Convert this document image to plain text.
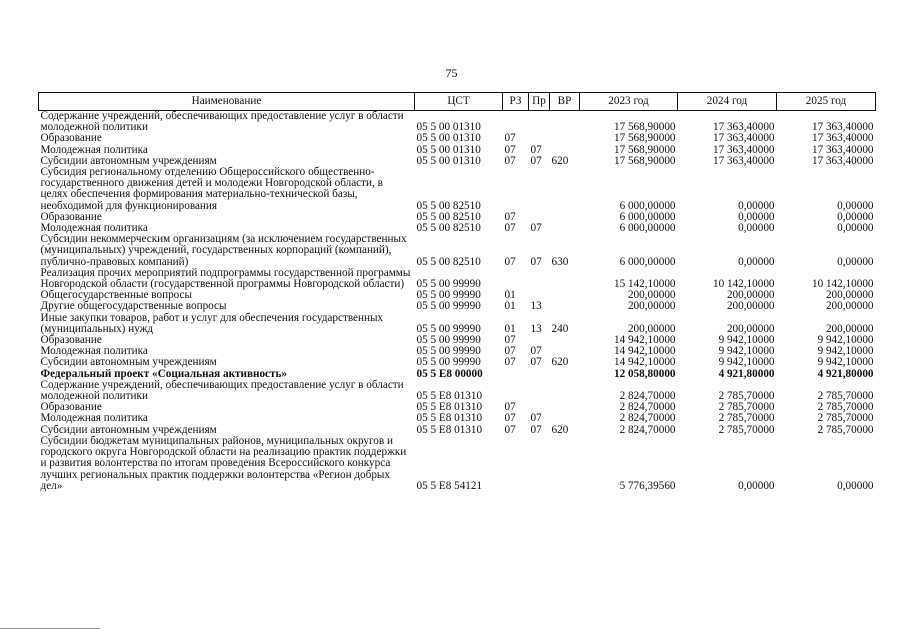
75
Наименование	ЦСТ	РЗ	Пр	ВР	2023 год	2024 год	2025 год
Содержание учреждений, обеспечивающих предоставление услуг в области молодежной политики	05 5 00 01310				17 568,90000	17 363,40000	17 363,40000
Образование	05 5 00 01310	07			17 568,90000	17 363,40000	17 363,40000
Молодежная политика	05 5 00 01310	07	07		17 568,90000	17 363,40000	17 363,40000
Субсидии автономным учреждениям	05 5 00 01310	07	07	620	17 568,90000	17 363,40000	17 363,40000
Субсидия региональному отделению Общероссийского общественно-государственного движения детей и молодежи Новгородской области, в целях обеспечения формирования материально-технической базы, необходимой для функционирования	05 5 00 82510				6 000,00000	0,00000	0,00000
Образование	05 5 00 82510	07			6 000,00000	0,00000	0,00000
Молодежная политика	05 5 00 82510	07	07		6 000,00000	0,00000	0,00000
Субсидии некоммерческим организациям (за исключением государственных (муниципальных) учреждений, государственных корпораций (компаний), публично-правовых компаний)	05 5 00 82510	07	07	630	6 000,00000	0,00000	0,00000
Реализация прочих мероприятий подпрограммы государственной программы Новгородской области (государственной программы Новгородской области)	05 5 00 99990				15 142,10000	10 142,10000	10 142,10000
Общегосударственные вопросы	05 5 00 99990	01			200,00000	200,00000	200,00000
Другие общегосударственные вопросы	05 5 00 99990	01	13		200,00000	200,00000	200,00000
Иные закупки товаров, работ и услуг для обеспечения государственных (муниципальных) нужд	05 5 00 99990	01	13	240	200,00000	200,00000	200,00000
Образование	05 5 00 99990	07			14 942,10000	9 942,10000	9 942,10000
Молодежная политика	05 5 00 99990	07	07		14 942,10000	9 942,10000	9 942,10000
Субсидии автономным учреждениям	05 5 00 99990	07	07	620	14 942,10000	9 942,10000	9 942,10000
Федеральный проект «Социальная активность»	05 5 E8 00000				12 058,80000	4 921,80000	4 921,80000
Содержание учреждений, обеспечивающих предоставление услуг в области молодежной политики	05 5 E8 01310				2 824,70000	2 785,70000	2 785,70000
Образование	05 5 E8 01310	07			2 824,70000	2 785,70000	2 785,70000
Молодежная политика	05 5 E8 01310	07	07		2 824,70000	2 785,70000	2 785,70000
Субсидии автономным учреждениям	05 5 E8 01310	07	07	620	2 824,70000	2 785,70000	2 785,70000
Субсидии бюджетам муниципальных районов, муниципальных округов и городского округа Новгородской области на реализацию практик поддержки и развития волонтерства по итогам проведения Всероссийского конкурса лучших региональных практик поддержки волонтерства «Регион добрых дел»	05 5 E8 54121				5 776,39560	0,00000	0,00000
